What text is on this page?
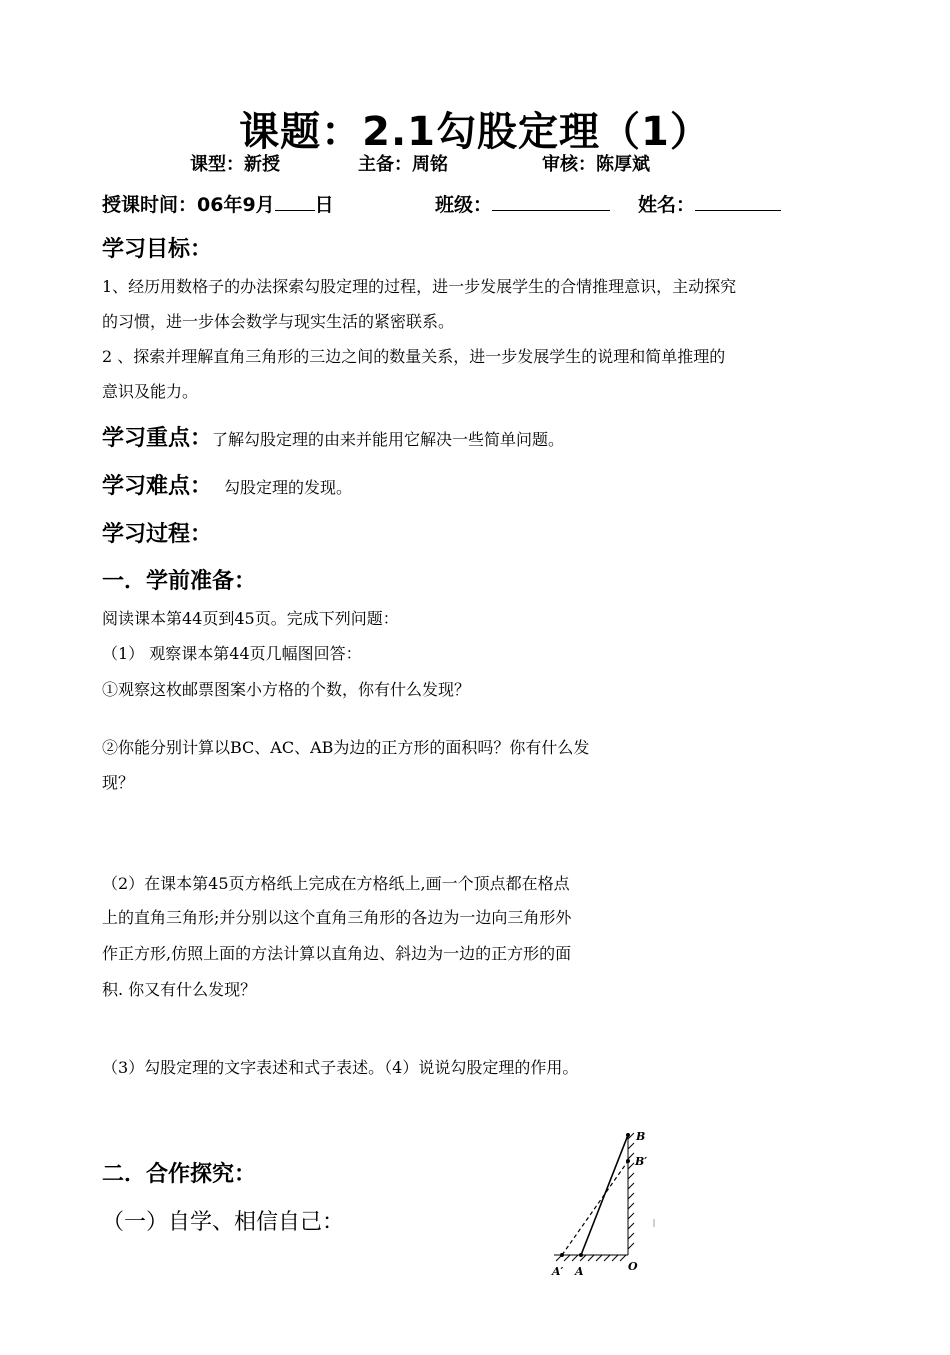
课题：2.1勾股定理（1）
课型：新授	主备：周铭	审核：陈厚斌
授课时间：06年9月 日	班级：	姓名：
学习目标：
1、经历用数格子的办法探索勾股定理的过程，进一步发展学生的合情推理意识，主动探究
的习惯，进一步体会数学与现实生活的紧密联系。
2 、探索并理解直角三角形的三边之间的数量关系，进一步发展学生的说理和简单推理的
意识及能力。
学习重点：了解勾股定理的由来并能用它解决一些简单问题。
学习难点： 勾股定理的发现。
学习过程：
一．学前准备：
阅读课本第44页到45页。完成下列问题：
（1） 观察课本第44页几幅图回答：
①观察这枚邮票图案小方格的个数，你有什么发现？
②你能分别计算以BC、AC、AB为边的正方形的面积吗？你有什么发
现？
（2）在课本第45页方格纸上完成在方格纸上,画一个顶点都在格点
上的直角三角形;并分别以这个直角三角形的各边为一边向三角形外
作正方形,仿照上面的方法计算以直角边、斜边为一边的正方形的面
积. 你又有什么发现？
（3）勾股定理的文字表述和式子表述。（4）说说勾股定理的作用。
二．合作探究：
（一）自学、相信自己：
B
B′
A′ A	O
